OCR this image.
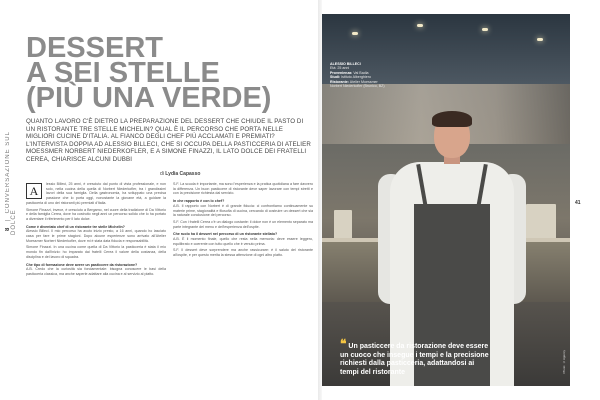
8  |  CONVERSAZIONE SUL DOLCE
DESSERT
A SEI STELLE
(PIÙ UNA VERDE)
QUANTO LAVORO C'È DIETRO LA PREPARAZIONE DEL DESSERT CHE CHIUDE IL PASTO DI UN RISTORANTE TRE STELLE MICHELIN? QUAL È IL PERCORSO CHE PORTA NELLE MIGLIORI CUCINE D'ITALIA. AL FIANCO DEGLI CHEF PIÙ ACCLAMATI E PREMIATI? L'INTERVISTA DOPPIA AD ALESSIO BILLECI, CHE SI OCCUPA DELLA PASTICCERIA DI ATELIER MOESSMER NORBERT NIEDERKOFLER, E A SIMONE FINAZZI, IL LATO DOLCE DEI FRATELLI CEREA, CHIARISCE ALCUNI DUBBI
di Lydia Capasso
A	lessio Billeci, 25 anni, è cresciuto dal punto di vista professionale, e non solo, nella cucina della quella di Norbert Niederkofler, tra i grandissimi lavori della sua famiglia. Della gastronomia, ha sviluppato una precisa passione che lo porta oggi, nonostante la giovane età, a guidare la pasticceria di uno dei ristoranti più premiati d'Italia.
Simone Finazzi, invece, è cresciuto a Bergamo, nel cuore della tradizione di Da Vittorio e della famiglia Cerea, dove ha costruito negli anni un percorso solido che lo ha portato a diventare il riferimento per il lato dolce.
Come è diventato chef di un ristorante tre stelle Michelin?
Alessio Billeci. Il mio percorso ha avuto inizio presto, a 16 anni, quando ho lasciato casa per fare le prime stagioni. Dopo alcune esperienze sono arrivato all'Atelier Moessmer Norbert Niederkofler, dove mi è stata data fiducia e responsabilità.
Simone Finazzi. In una cucina come quella di Da Vittorio la pasticceria è stata il mio mondo fin dall'inizio: ho imparato dai fratelli Cerea il valore della costanza, della disciplina e del lavoro di squadra.
Che tipo di formazione deve avere un pasticcere da ristorazione?
A.B. Credo che la curiosità sia fondamentale: bisogna conoscere le basi della pasticceria classica, ma anche saperle adattare alla cucina e al servizio al piatto.
S.F. La scuola è importante, ma sono l'esperienza e la pratica quotidiana a fare davvero la differenza. Un buon pasticcere di ristorante deve saper lavorare con tempi stretti e con la precisione richiesta dal servizio.
In che rapporto è con lo chef?
A.B. Il rapporto con Norbert è di grande fiducia: ci confrontiamo continuamente su materie prime, stagionalità e filosofia di cucina, cercando di costruire un dessert che sia la naturale conclusione del percorso.
S.F. Con i fratelli Cerea c'è un dialogo costante: il dolce non è un elemento separato ma parte integrante del menu e dell'esperienza dell'ospite.
Che ruolo ha il dessert nel percorso di un ristorante stellato?
A.B. È il momento finale, quello che resta nella memoria: deve essere leggero, equilibrato e coerente con tutto quello che è venuto prima.
S.F. Il dessert deve sorprendere ma anche rassicurare: è il saluto del ristorante all'ospite, e per questo merita la stessa attenzione di ogni altro piatto.
ALESSIO BILLECI
Età: 25 anni
Provenienza: Val Badia
Studi: Istituto Alberghiero
Ristorante: Atelier Moessmer Norbert Niederkofler (Brunico, BZ)
❝ Un pasticcere da ristorazione deve essere un cuoco che insegue i tempi e la precisione richiesti dalla pasticceria, adattandosi ai tempi del ristorante	Photo: ©Agency
41
